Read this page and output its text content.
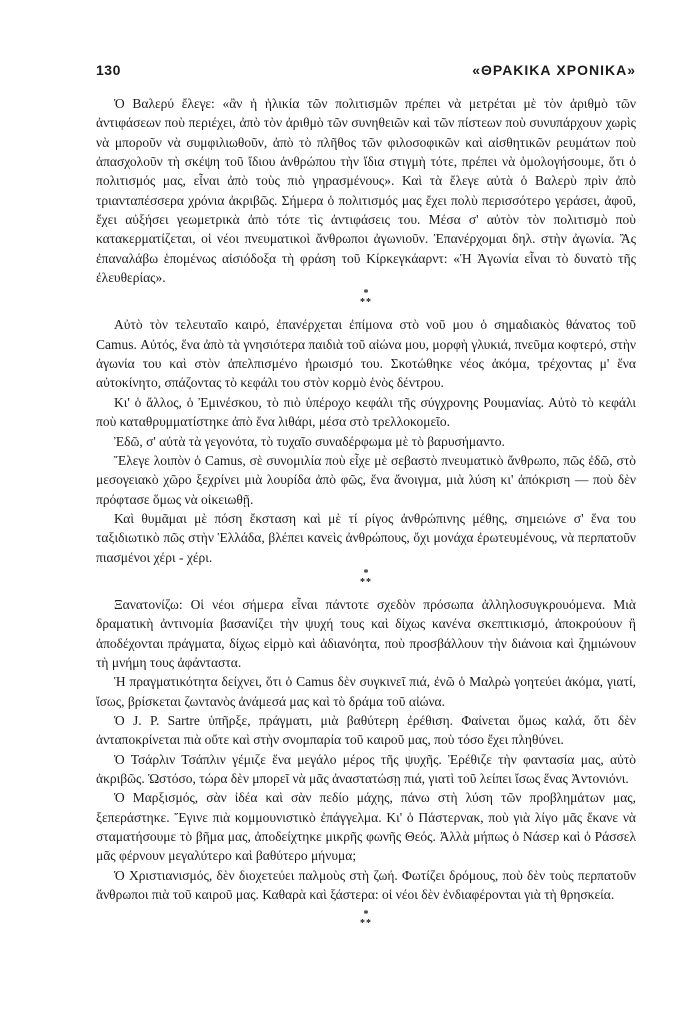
130	«ΘΡΑΚΙΚΑ ΧΡΟΝΙΚΑ»

Ὁ Βαλερύ ἔλεγε: «ἂν ἡ ἡλικία τῶν πολιτισμῶν πρέπει νὰ μετρέται μὲ τὸν ἀριθμὸ τῶν ἀντιφάσεων ποὺ περιέχει, ἀπὸ τὸν ἀριθμὸ τῶν συνηθειῶν καὶ τῶν πίστεων ποὺ συνυπάρχουν χωρὶς νὰ μποροῦν νὰ συμφιλιωθοῦν, ἀπὸ τὸ πλῆθος τῶν φιλοσοφικῶν καὶ αἰσθητικῶν ρευμάτων ποὺ ἀπασχολοῦν τὴ σκέψη τοῦ ἴδιου ἀνθρώπου τὴν ἴδια στιγμὴ τότε, πρέπει νὰ ὁμολογήσουμε, ὅτι ὁ πολιτισμός μας, εἶναι ἀπὸ τοὺς πιὸ γηρασμένους». Καὶ τὰ ἔλεγε αὐτὰ ὁ Βαλερὺ πρὶν ἀπὸ τριανταπέσσερα χρόνια ἀκριβῶς. Σήμερα ὁ πολιτισμός μας ἔχει πολὺ περισσότερο γεράσει, ἀφοῦ, ἔχει αὐξήσει γεωμετρικὰ ἀπὸ τότε τὶς ἀντιφάσεις του. Μέσα σ' αὐτὸν τὸν πολιτισμὸ ποὺ κατακερματίζεται, οἱ νέοι πνευματικοὶ ἄνθρωποι ἀγωνιοῦν. Ἐπανέρχομαι δηλ. στὴν ἀγωνία. Ἂς ἐπαναλάβω ἑπομένως αἰσιόδοξα τὴ φράση τοῦ Κίρκεγκάαρντ: «Ἡ Ἀγωνία εἶναι τὸ δυνατὸ τῆς ἐλευθερίας».

*
**

Αὐτὸ τὸν τελευταῖο καιρό, ἐπανέρχεται ἐπίμονα στὸ νοῦ μου ὁ σημαδιακὸς θάνατος τοῦ Camus. Αὐτός, ἕνα ἀπὸ τὰ γνησιότερα παιδιὰ τοῦ αἰώνα μου, μορφὴ γλυκιά, πνεῦμα κοφτερό, στὴν ἀγωνία του καὶ στὸν ἀπελπισμένο ἡρωισμό του. Σκοτώθηκε νέος ἀκόμα, τρέχοντας μ' ἕνα αὐτοκίνητο, σπάζοντας τὸ κεφάλι του στὸν κορμὸ ἑνὸς δέντρου.

Κι' ὁ ἄλλος, ὁ Ἐμινέσκου, τὸ πιὸ ὑπέροχο κεφάλι τῆς σύγχρονης Ρουμανίας. Αὐτὸ τὸ κεφάλι ποὺ καταθρυμματίστηκε ἀπὸ ἕνα λιθάρι, μέσα στὸ τρελλοκομεῖο.

Ἐδῶ, σ' αὐτὰ τὰ γεγονότα, τὸ τυχαῖο συναδέρφωμα μὲ τὸ βαρυσήμαντο.

Ἔλεγε λοιπὸν ὁ Camus, σὲ συνομιλία ποὺ εἶχε μὲ σεβαστὸ πνευματικὸ ἄνθρωπο, πῶς ἐδῶ, στὸ μεσογειακὸ χῶρο ξεχρίνει μιὰ λουρίδα ἀπὸ φῶς, ἕνα ἄνοιγμα, μιὰ λύση κι' ἀπόκριση — ποὺ δὲν πρόφτασε ὅμως νὰ οἰκειωθῇ.

Καὶ θυμᾶμαι μὲ πόση ἔκσταση καὶ μὲ τί ρίγος ἀνθρώπινης μέθης, σημειώνε σ' ἕνα του ταξιδιωτικὸ πῶς στὴν Ἑλλάδα, βλέπει κανεὶς ἀνθρώπους, ὄχι μονάχα ἐρωτευμένους, νὰ περπατοῦν πιασμένοι χέρι - χέρι.

*
**

Ξανατονίζω: Οἱ νέοι σήμερα εἶναι πάντοτε σχεδὸν πρόσωπα ἀλληλοσυγκρουόμενα. Μιὰ δραματικὴ ἀντινομία βασανίζει τὴν ψυχή τους καὶ δίχως κανένα σκεπτικισμό, ἀποκρούουν ἢ ἀποδέχονται πράγματα, δίχως εἱρμὸ καὶ ἀδιανόητα, ποὺ προσβάλλουν τὴν διάνοια καὶ ζημιώνουν τὴ μνήμη τους ἀφάνταστα.

Ἡ πραγματικότητα δείχνει, ὅτι ὁ Camus δὲν συγκινεῖ πιά, ἐνῶ ὁ Μαλρὼ γοητεύει ἀκόμα, γιατί, ἴσως, βρίσκεται ζωντανὸς ἀνάμεσά μας καὶ τὸ δράμα τοῦ αἰώνα.

Ὁ J. P. Sartre ὑπῆρξε, πράγματι, μιὰ βαθύτερη ἐρέθιση. Φαίνεται ὅμως καλά, ὅτι δὲν ἀνταποκρίνεται πιὰ οὔτε καὶ στὴν σνομπαρία τοῦ καιροῦ μας, ποὺ τόσο ἔχει πληθύνει.

Ὁ Τσάρλιν Τσάπλιν γέμιζε ἕνα μεγάλο μέρος τῆς ψυχῆς. Ἐρέθιζε τὴν φαντασία μας, αὐτὸ ἀκριβῶς. Ὡστόσο, τώρα δὲν μπορεῖ νὰ μᾶς ἀναστατώσῃ πιά, γιατὶ τοῦ λείπει ἴσως ἕνας Ἀντονιόνι.

Ὁ Μαρξισμός, σὰν ἰδέα καὶ σὰν πεδίο μάχης, πάνω στὴ λύση τῶν προβλημάτων μας, ξεπεράστηκε. Ἔγινε πιὰ κομμουνιστικὸ ἐπάγγελμα. Κι' ὁ Πάστερνακ, ποὺ γιὰ λίγο μᾶς ἔκανε νὰ σταματήσουμε τὸ βῆμα μας, ἀποδείχτηκε μικρῆς φωνῆς Θεός. Ἀλλὰ μήπως ὁ Νάσερ καὶ ὁ Ράσσελ μᾶς φέρνουν μεγαλύτερο καὶ βαθύτερο μήνυμα;

Ὁ Χριστιανισμός, δὲν διοχετεύει παλμοὺς στὴ ζωή. Φωτίζει δρόμους, ποὺ δὲν τοὺς περπατοῦν ἄνθρωποι πιὰ τοῦ καιροῦ μας. Καθαρὰ καὶ ξάστερα: οἱ νέοι δὲν ἐνδιαφέρονται γιὰ τὴ θρησκεία.

*
**
